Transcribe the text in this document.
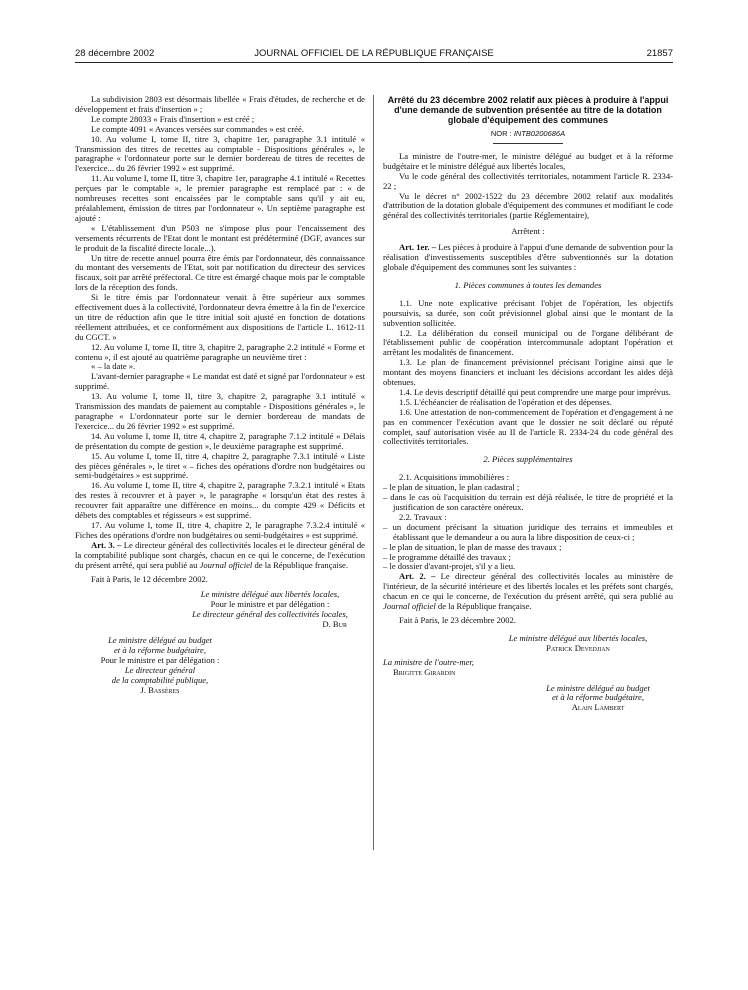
28 décembre 2002	JOURNAL OFFICIEL DE LA RÉPUBLIQUE FRANÇAISE	21857

La subdivision 2803 est désormais libellée « Frais d'études, de recherche et de développement et frais d'insertion » ;

Le compte 28033 « Frais d'insertion » est créé ;

Le compte 4091 « Avances versées sur commandes » est créé.

10. Au volume I, tome II, titre 3, chapitre 1er, paragraphe 3.1 intitulé « Transmission des titres de recettes au comptable - Dispositions générales », le paragraphe « l'ordonnateur porte sur le dernier bordereau de titres de recettes de l'exercice... du 26 février 1992 » est supprimé.

11. Au volume I, tome II, titre 3, chapitre 1er, paragraphe 4.1 intitulé « Recettes perçues par le comptable », le premier paragraphe est remplacé par : « de nombreuses recettes sont encaissées par le comptable sans qu'il y ait eu, préalablement, émission de titres par l'ordonnateur ». Un septième paragraphe est ajouté :

« L'établissement d'un P503 ne s'impose plus pour l'encaissement des versements récurrents de l'Etat dont le montant est prédéterminé (DGF, avances sur le produit de la fiscalité directe locale...).

Un titre de recette annuel pourra être émis par l'ordonnateur, dès connaissance du montant des versements de l'Etat, soit par notification du directeur des services fiscaux, soit par arrêté préfectoral. Ce titre est émargé chaque mois par le comptable lors de la réception des fonds.

Si le titre émis par l'ordonnateur venait à être supérieur aux sommes effectivement dues à la collectivité, l'ordonnateur devra émettre à la fin de l'exercice un titre de réduction afin que le titre initial soit ajusté en fonction de dotations réellement attribuées, et ce conformément aux dispositions de l'article L. 1612-11 du CGCT. »

12. Au volume I, tome II, titre 3, chapitre 2, paragraphe 2.2 intitulé « Forme et contenu », il est ajouté au quatrième paragraphe un neuvième tiret :

« – la date ».

L'avant-dernier paragraphe « Le mandat est daté et signé par l'ordonnateur » est supprimé.

13. Au volume I, tome II, titre 3, chapitre 2, paragraphe 3.1 intitulé « Transmission des mandats de paiement au comptable - Dispositions générales », le paragraphe « L'ordonnateur porte sur le dernier bordereau de mandats de l'exercice... du 26 février 1992 » est supprimé.

14. Au volume I, tome II, titre 4, chapitre 2, paragraphe 7.1.2 intitulé « Délais de présentation du compte de gestion », le deuxième paragraphe est supprimé.

15. Au volume I, tome II, titre 4, chapitre 2, paragraphe 7.3.1 intitulé « Liste des pièces générales », le tiret « – fiches des opérations d'ordre non budgétaires ou semi-budgétaires » est supprimé.

16. Au volume I, tome II, titre 4, chapitre 2, paragraphe 7.3.2.1 intitulé « Etats des restes à recouvrer et à payer », le paragraphe « lorsqu'un état des restes à recouvrer fait apparaître une différence en moins... du compte 429 « Déficits et débets des comptables et régisseurs » est supprimé.

17. Au volume I, tome II, titre 4, chapitre 2, le paragraphe 7.3.2.4 intitulé « Fiches des opérations d'ordre non budgétaires ou semi-budgétaires » est supprimé.

Art. 3. – Le directeur général des collectivités locales et le directeur général de la comptabilité publique sont chargés, chacun en ce qui le concerne, de l'exécution du présent arrêté, qui sera publié au Journal officiel de la République française.

Fait à Paris, le 12 décembre 2002.

Le ministre délégué aux libertés locales,

Pour le ministre et par délégation :

Le directeur général des collectivités locales,

D. Bur

Le ministre délégué au budget

et à la réforme budgétaire,

Pour le ministre et par délégation :

Le directeur général

de la comptabilité publique,

J. Bassères

Arrêté du 23 décembre 2002 relatif aux pièces à produire à l'appui d'une demande de subvention présentée au titre de la dotation globale d'équipement des communes

NOR : INTB0200686A

La ministre de l'outre-mer, le ministre délégué au budget et à la réforme budgétaire et le ministre délégué aux libertés locales,

Vu le code général des collectivités territoriales, notamment l'article R. 2334-22 ;

Vu le décret n° 2002-1522 du 23 décembre 2002 relatif aux modalités d'attribution de la dotation globale d'équipement des communes et modifiant le code général des collectivités territoriales (partie Réglementaire),

Arrêtent :

Art. 1er. – Les pièces à produire à l'appui d'une demande de subvention pour la réalisation d'investissements susceptibles d'être subventionnés sur la dotation globale d'équipement des communes sont les suivantes :

1. Pièces communes à toutes les demandes

1.1. Une note explicative précisant l'objet de l'opération, les objectifs poursuivis, sa durée, son coût prévisionnel global ainsi que le montant de la subvention sollicitée.

1.2. La délibération du conseil municipal ou de l'organe délibérant de l'établissement public de coopération intercommunale adoptant l'opération et arrêtant les modalités de financement.

1.3. Le plan de financement prévisionnel précisant l'origine ainsi que le montant des moyens financiers et incluant les décisions accordant les aides déjà obtenues.

1.4. Le devis descriptif détaillé qui peut comprendre une marge pour imprévus.

1.5. L'échéancier de réalisation de l'opération et des dépenses.

1.6. Une attestation de non-commencement de l'opération et d'engagement à ne pas en commencer l'exécution avant que le dossier ne soit déclaré ou réputé complet, sauf autorisation visée au II de l'article R. 2334-24 du code général des collectivités territoriales.

2. Pièces supplémentaires

2.1. Acquisitions immobilières :

– le plan de situation, le plan cadastral ;

– dans le cas où l'acquisition du terrain est déjà réalisée, le titre de propriété et la justification de son caractère onéreux.

2.2. Travaux :

– un document précisant la situation juridique des terrains et immeubles et établissant que le demandeur a ou aura la libre disposition de ceux-ci ;

– le plan de situation, le plan de masse des travaux ;

– le programme détaillé des travaux ;

– le dossier d'avant-projet, s'il y a lieu.

Art. 2. – Le directeur général des collectivités locales au ministère de l'intérieur, de la sécurité intérieure et des libertés locales et les préfets sont chargés, chacun en ce qui le concerne, de l'exécution du présent arrêté, qui sera publié au Journal officiel de la République française.

Fait à Paris, le 23 décembre 2002.

Le ministre délégué aux libertés locales,

Patrick Devedjian

La ministre de l'outre-mer,

Brigitte Girardin

Le ministre délégué au budget

et à la réforme budgétaire,

Alain Lambert
